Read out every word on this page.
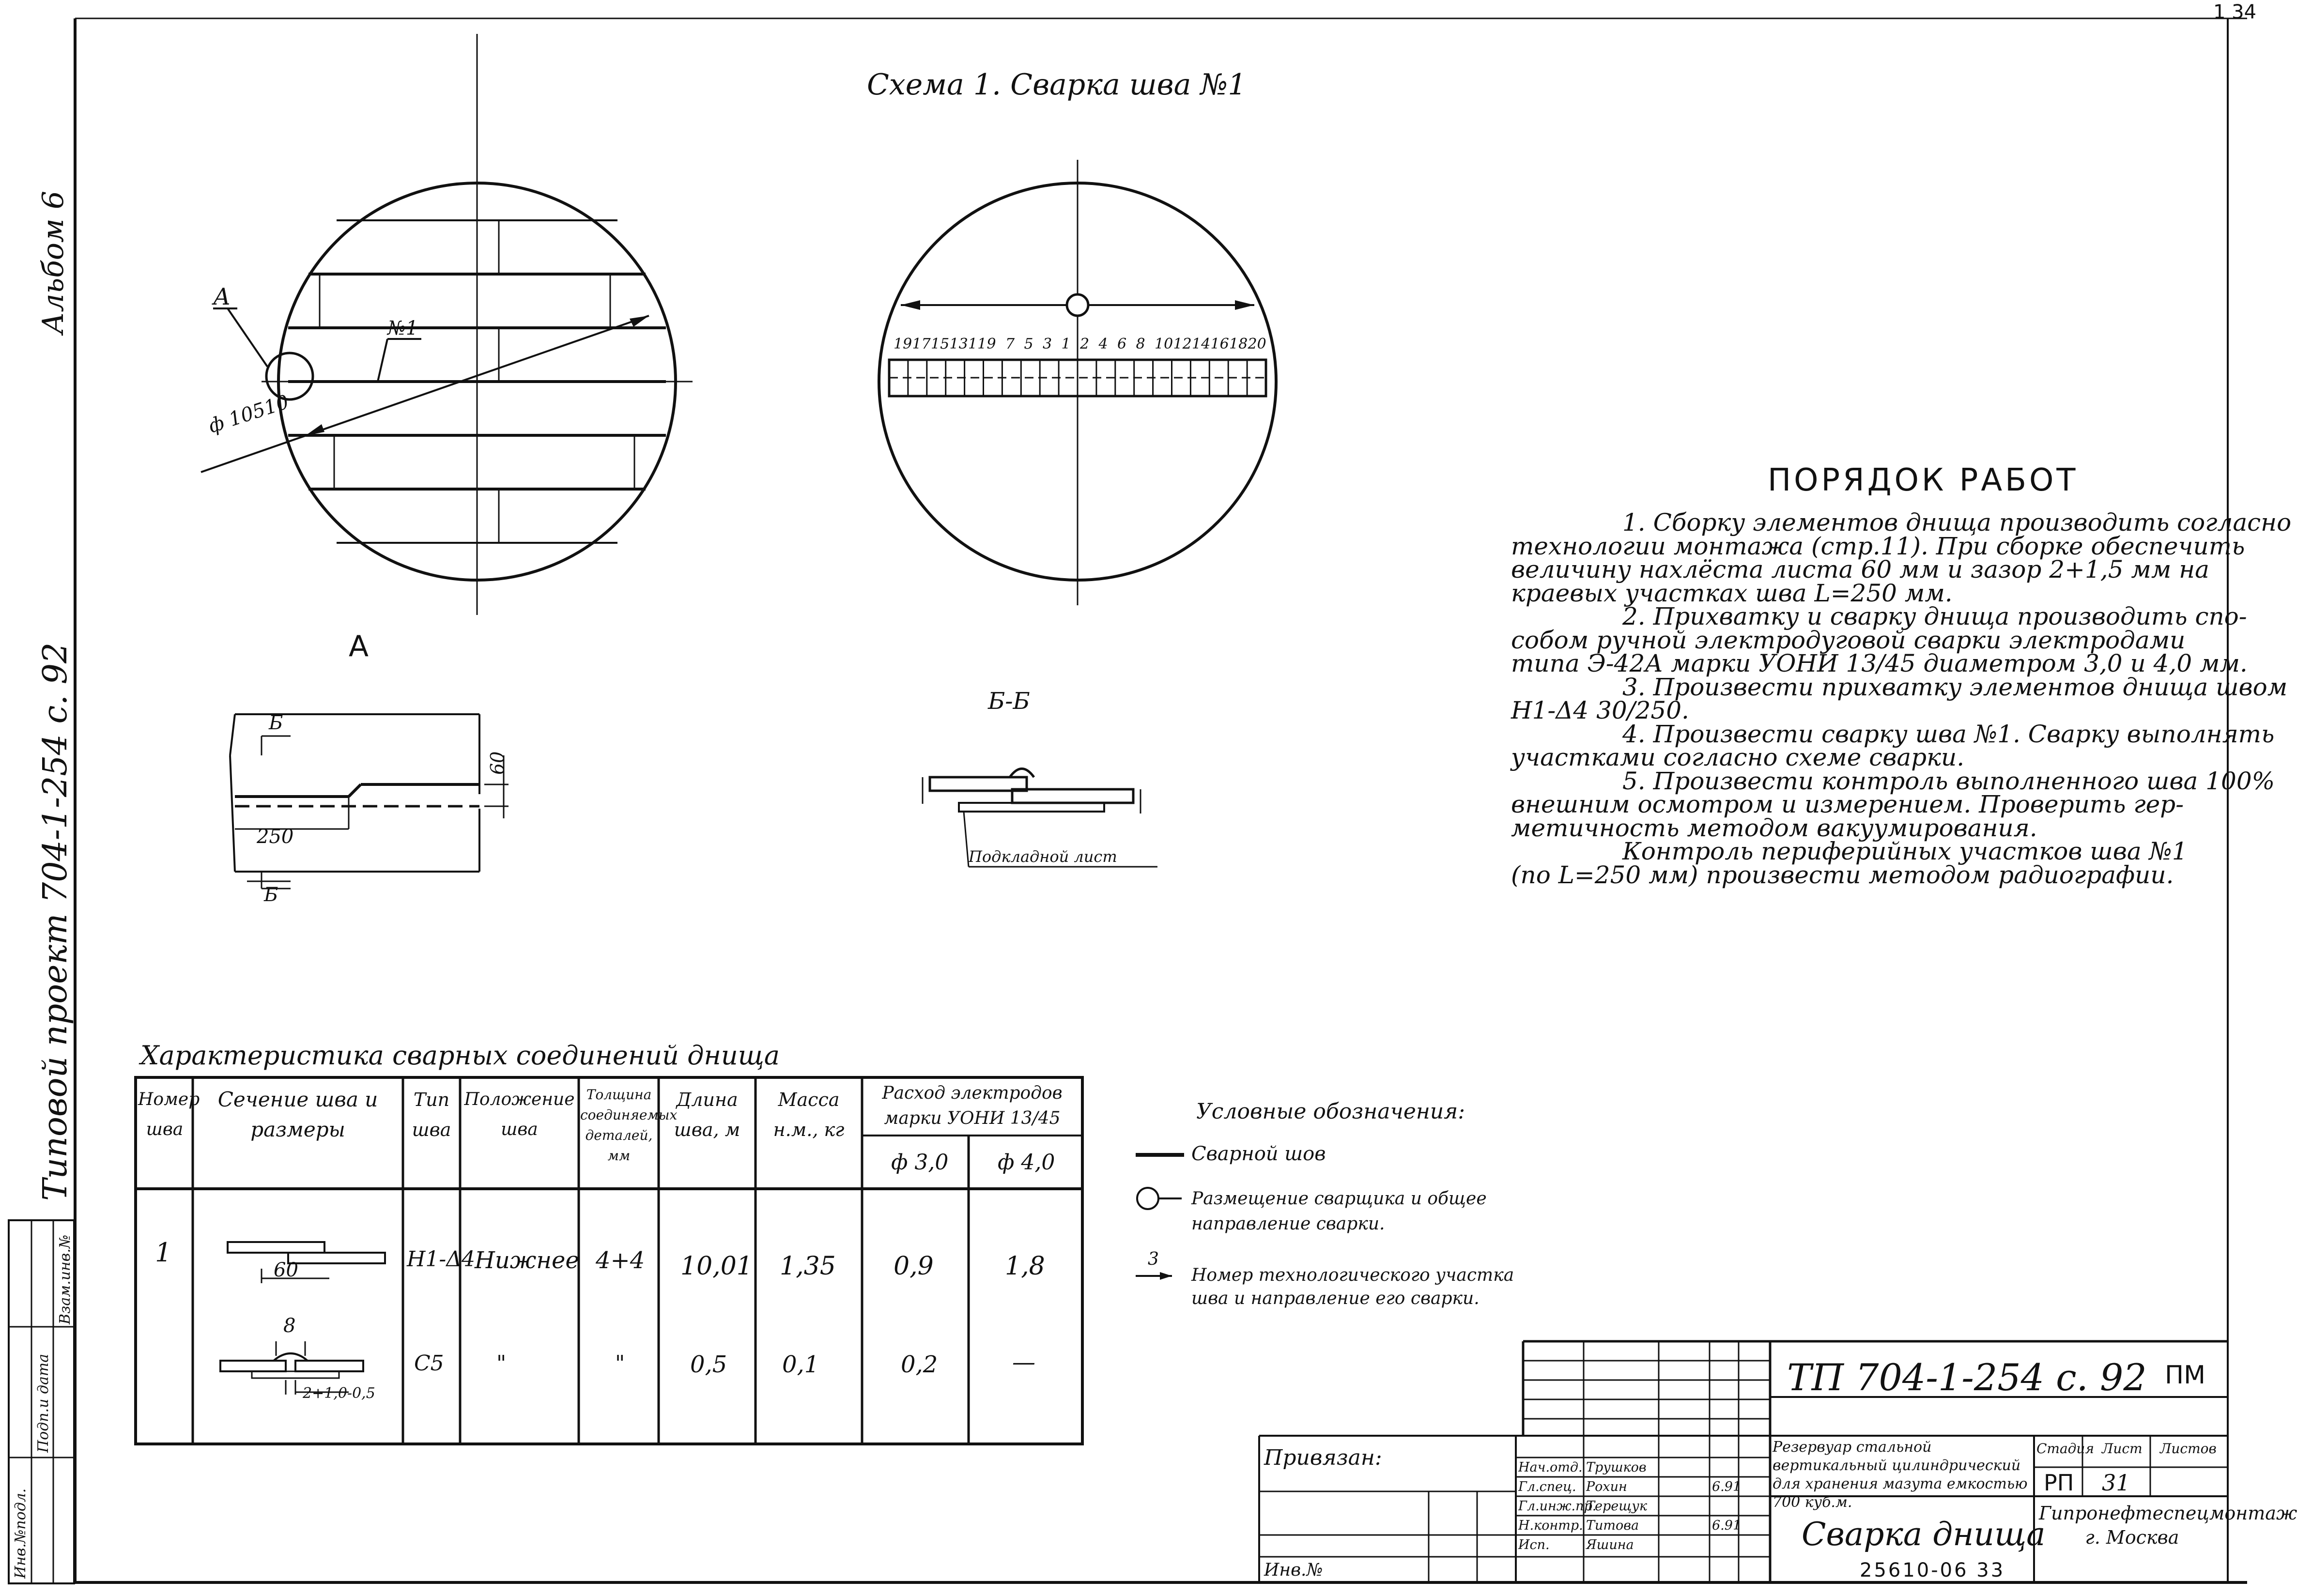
1 34
Альбом 6
Типовой проект 704-1-254 с. 92
Инв.№подл.
Подп.и дата
Взам.инв.№
Схема 1. Сварка шва №1
ф 10510
А
№1
19 17 15 13 11 9 7 5 3 1 2 4 6 8 10 12 14 16 18 20
А
Б
Б
250
60
Б-Б
Подкладной лист
ПОРЯДОК РАБОТ
1. Сборку элементов днища производить согласно
технологии монтажа (стр.11). При сборке обеспечить
величину нахлёста листа 60 мм и зазор 2+1,5 мм на
краевых участках шва L=250 мм.
2. Прихватку и сварку днища производить спо-
собом ручной электродуговой сварки электродами
типа Э-42А марки УОНИ 13/45 диаметром 3,0 и 4,0 мм.
3. Произвести прихватку элементов днища швом
Н1-Δ4 30/250.
4. Произвести сварку шва №1. Сварку выполнять
участками согласно схеме сварки.
5. Произвести контроль выполненного шва 100%
внешним осмотром и измерением. Проверить гер-
метичность методом вакуумирования.
Контроль периферийных участков шва №1
(по L=250 мм) произвести методом радиографии.
Характеристика сварных соединений днища
Номер шва
Сечение шва и размеры
Тип шва
Положение шва
Толщина соединяемых деталей, мм
Длина шва, м
Масса н.м., кг
Расход электродов марки УОНИ 13/45
ф 3,0 ф 4,0
1
60
8
2+1,0-0,5
Н1-Δ4
С5
Нижнее
"
4+4
"
10,01
0,5
1,35
0,1
0,9
0,2
1,8
—
Условные обозначения:
Сварной шов
Размещение сварщика и общее направление сварки.
3
Номер технологического участка шва и направление его сварки.
ТП 704-1-254 с. 92 ПМ
Резервуар стальной вертикальный цилиндрический для хранения мазута емкостью 700 куб.м.
Стадия Лист Листов
РП 31
Сварка днища
Гипронефтеспецмонтаж г. Москва
Привязан:
Инв.№
Нач.отд. Трушков
Гл.спец. Рохин	6.91
Гл.инж.пр.
Терещук
Н.контр. Титова	6.91
Исп.	Яшина
25610-06 33
